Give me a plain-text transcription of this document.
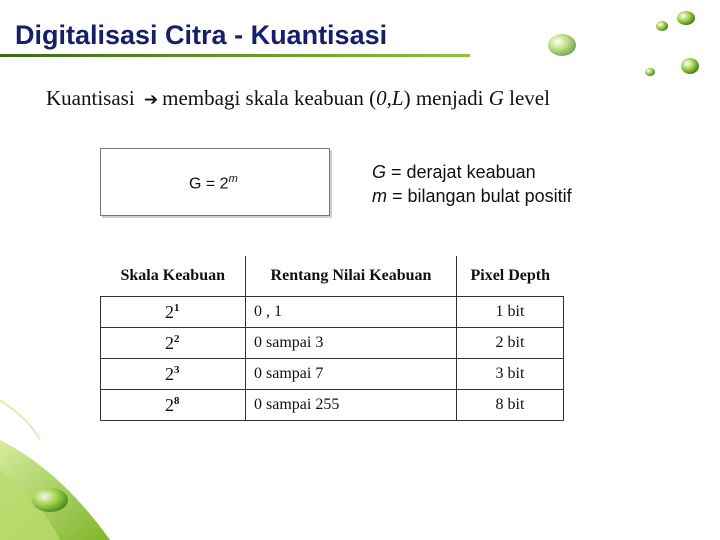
Digitalisasi Citra - Kuantisasi
Kuantisasi ➔ membagi skala keabuan (0,L) menjadi G level
$G = 2^m$	G = derajat keabuan
m = bilangan bulat positif
Skala Keabuan	Rentang Nilai Keabuan	Pixel Depth
$2^1$	0 , 1	1 bit
$2^2$	0 sampai 3	2 bit
$2^3$	0 sampai 7	3 bit
$2^8$	0 sampai 255	8 bit
